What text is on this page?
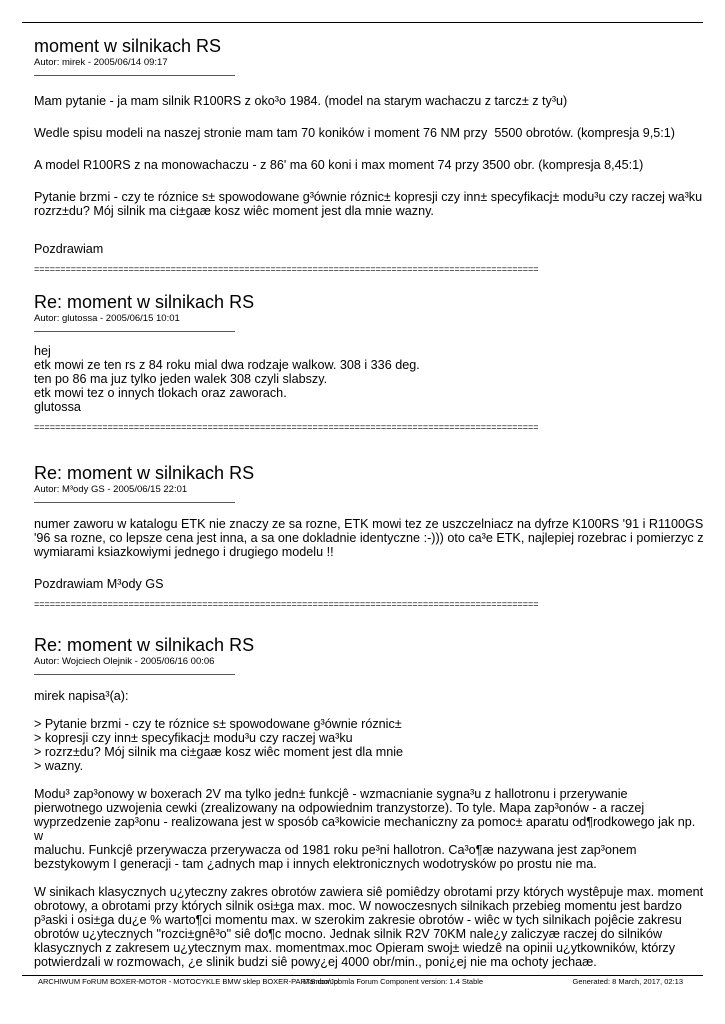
moment w silnikach RS
Autor: mirek - 2005/06/14 09:17

Mam pytanie - ja mam silnik R100RS z oko³o 1984. (model na starym wachaczu z tarcz± z ty³u)

Wedle spisu modeli na naszej stronie mam tam 70 koników i moment 76 NM przy  5500 obrotów. (kompresja 9,5:1)

A model R100RS z na monowachaczu - z 86' ma 60 koni i max moment 74 przy 3500 obr. (kompresja 8,45:1)

Pytanie brzmi - czy te róznice s± spowodowane g³ównie róznic± kopresji czy inn± specyfikacj± modu³u czy raczej wa³ku
rozrz±du? Mój silnik ma ci±gaæ kosz wiêc moment jest dla mnie wazny.

Pozdrawiam

================================================================================================
Re: moment w silnikach RS
Autor: glutossa - 2005/06/15 10:01

hej
etk mowi ze ten rs z 84 roku mial dwa rodzaje walkow. 308 i 336 deg.
ten po 86 ma juz tylko jeden walek 308 czyli slabszy.
etk mowi tez o innych tlokach oraz zaworach.
glutossa

================================================================================================
Re: moment w silnikach RS
Autor: M³ody GS - 2005/06/15 22:01

numer zaworu w katalogu ETK nie znaczy ze sa rozne, ETK mowi tez ze uszczelniacz na dyfrze K100RS '91 i R1100GS
'96 sa rozne, co lepsze cena jest inna, a sa one dokladnie identyczne :-))) oto ca³e ETK, najlepiej rozebrac i pomierzyc z
wymiarami ksiazkowiymi jednego i drugiego modelu !!

Pozdrawiam M³ody GS

================================================================================================
Re: moment w silnikach RS
Autor: Wojciech Olejnik - 2005/06/16 00:06

mirek napisa³(a):

> Pytanie brzmi - czy te róznice s± spowodowane g³ównie róznic±
> kopresji czy inn± specyfikacj± modu³u czy raczej wa³ku
> rozrz±du? Mój silnik ma ci±gaæ kosz wiêc moment jest dla mnie
> wazny.

Modu³ zap³onowy w boxerach 2V ma tylko jedn± funkcjê - wzmacnianie sygna³u z hallotronu i przerywanie
pierwotnego uzwojenia cewki (zrealizowany na odpowiednim tranzystorze). To tyle. Mapa zap³onów - a raczej
wyprzedzenie zap³onu - realizowana jest w sposób ca³kowicie mechaniczny za pomoc± aparatu od¶rodkowego jak np. w
maluchu. Funkcjê przerywacza przerywacza od 1981 roku pe³ni hallotron. Ca³o¶æ nazywana jest zap³onem
bezstykowym I generacji - tam ¿adnych map i innych elektronicznych wodotrysków po prostu nie ma.

W sinikach klasycznych u¿yteczny zakres obrotów zawiera siê pomiêdzy obrotami przy których wystêpuje max. moment
obrotowy, a obrotami przy których silnik osi±ga max. moc. W nowoczesnych silnikach przebieg momentu jest bardzo
p³aski i osi±ga du¿e % warto¶ci momentu max. w szerokim zakresie obrotów - wiêc w tych silnikach pojêcie zakresu
obrotów u¿ytecznych "rozci±gnê³o" siê do¶c mocno. Jednak silnik R2V 70KM nale¿y zaliczyæ raczej do silników
klasycznych z zakresem u¿ytecznym max. momentmax.moc Opieram swoj± wiedzê na opinii u¿ytkowników, którzy
potwierdzali w rozmowach, ¿e slinik budzi siê powy¿ej 4000 obr/min., poni¿ej nie ma ochoty jechaæ.

ARCHIWUM FoRUM BOXER-MOTOR - MOTOCYKLE BMW sklep BOXER-PARTS.com.pl
Mambo/Joomla Forum Component version: 1.4 Stable	Generated: 8 March, 2017, 02:13
